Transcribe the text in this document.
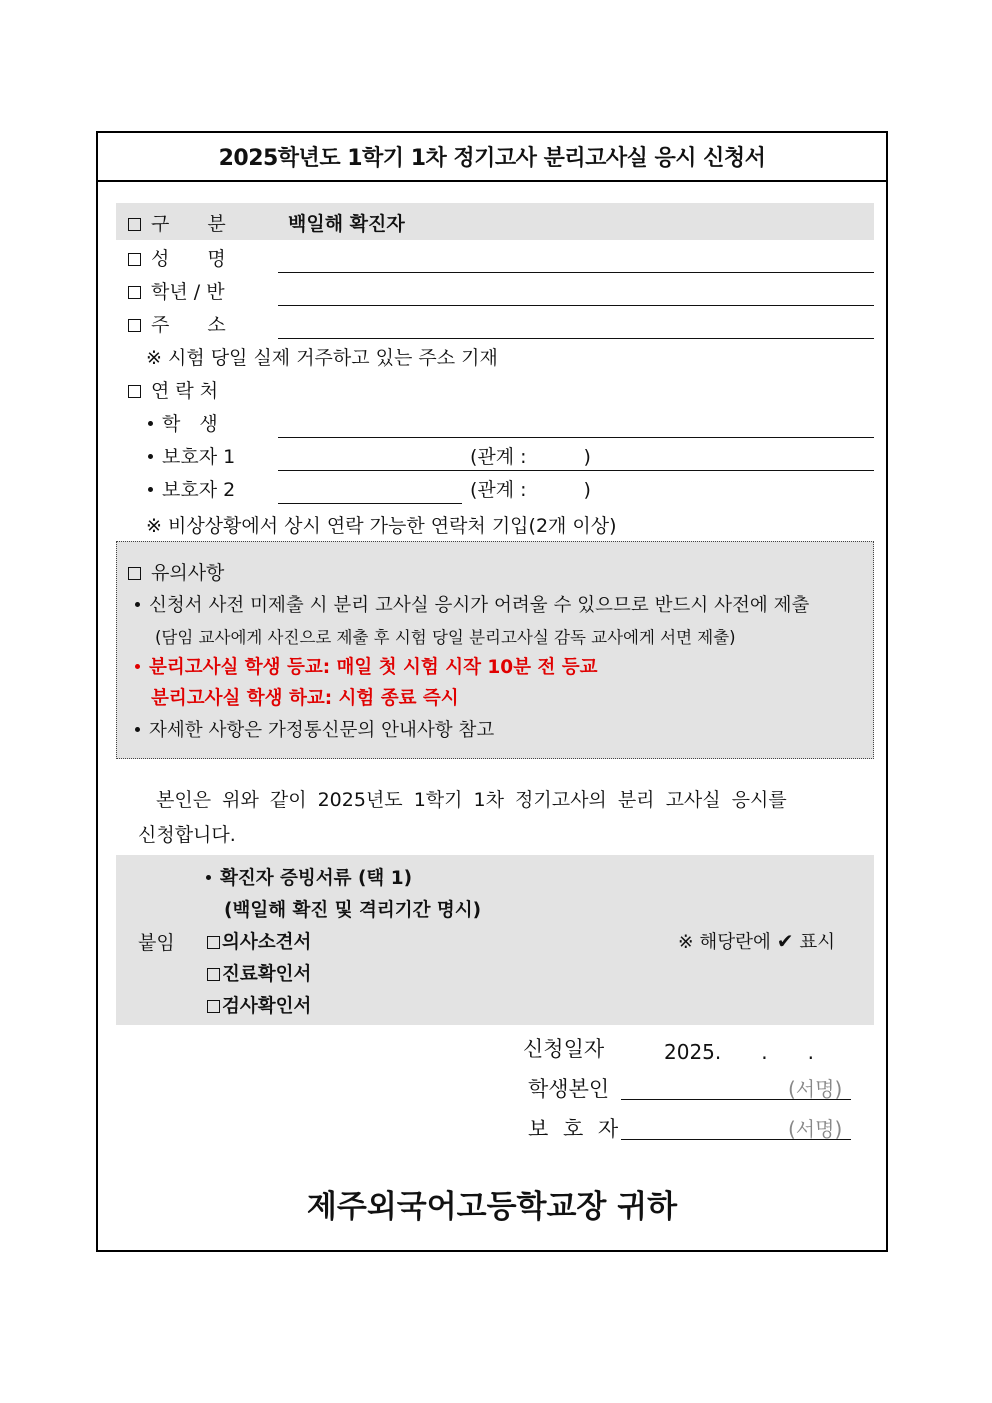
2025학년도 1학기 1차 정기고사 분리고사실 응시 신청서
구　　분	백일해 확진자
성　　명
학년 / 반
주　　소
※ 시험 당일 실제 거주하고 있는 주소 기재
연 락 처
학　생
보호자 1	(관계 :　　　)
보호자 2	(관계 :　　　)
※ 비상상황에서 상시 연락 가능한 연락처 기입(2개 이상)
유의사항
신청서 사전 미제출 시 분리 고사실 응시가 어려울 수 있으므로 반드시 사전에 제출
(담임 교사에게 사진으로 제출 후 시험 당일 분리고사실 감독 교사에게 서면 제출)
분리고사실 학생 등교: 매일 첫 시험 시작 10분 전 등교
분리고사실 학생 하교: 시험 종료 즉시
자세한 사항은 가정통신문의 안내사항 참고
본인은 위와 같이 2025년도 1학기 1차 정기고사의 분리 고사실 응시를
신청합니다.
붙임
확진자 증빙서류 (택 1)
(백일해 확진 및 격리기간 명시)
의사소견서
진료확인서
검사확인서
※ 해당란에 ✔ 표시
신청일자	2025.　　.　　.
학생본인	(서명)
보 호 자	(서명)
제주외국어고등학교장 귀하
